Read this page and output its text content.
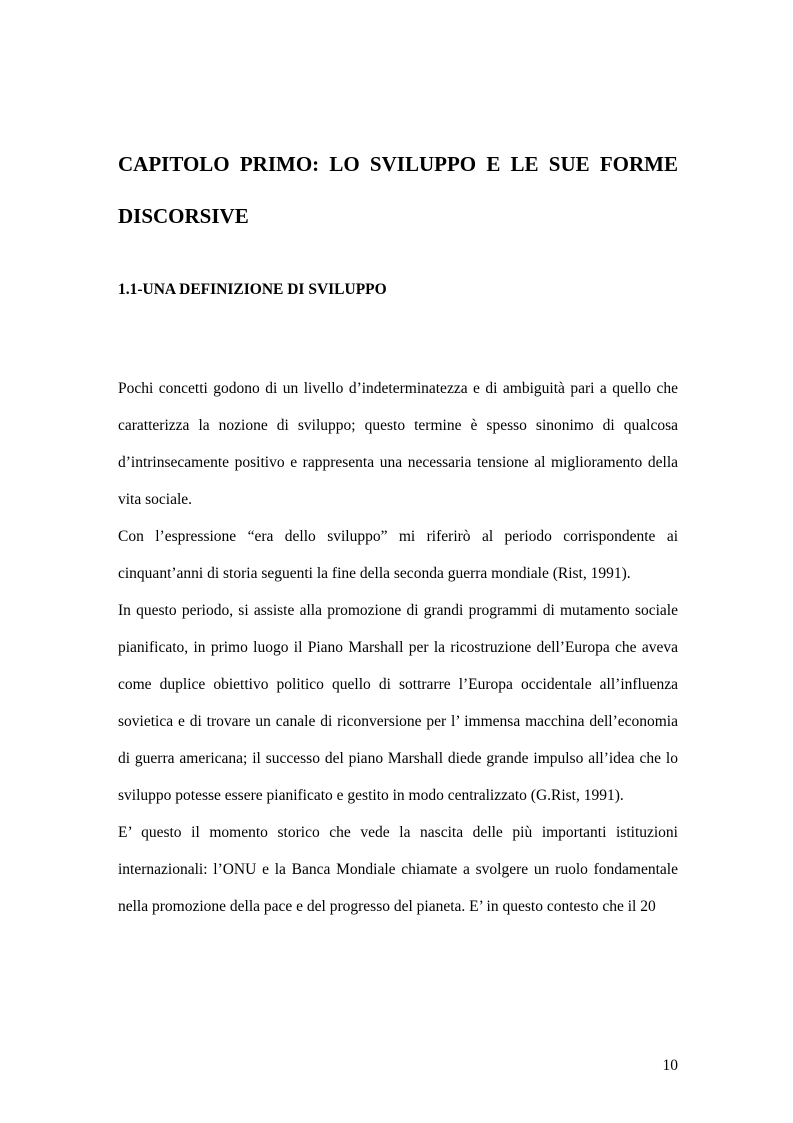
CAPITOLO PRIMO: LO SVILUPPO E LE SUE FORME
DISCORSIVE
1.1-UNA DEFINIZIONE DI SVILUPPO

Pochi concetti godono di un livello d’indeterminatezza e di ambiguità pari a quello che caratterizza la nozione di sviluppo; questo termine è spesso sinonimo di qualcosa d’intrinsecamente positivo e rappresenta una necessaria tensione al miglioramento della vita sociale.

Con l’espressione “era dello sviluppo” mi riferirò al periodo corrispondente ai cinquant’anni di storia seguenti la fine della seconda guerra mondiale (Rist, 1991).

In questo periodo, si assiste alla promozione di grandi programmi di mutamento sociale pianificato, in primo luogo il Piano Marshall per la ricostruzione dell’Europa che aveva come duplice obiettivo politico quello di sottrarre l’Europa occidentale all’influenza sovietica e di trovare un canale di riconversione per l’ immensa macchina dell’economia di guerra americana; il successo del piano Marshall diede grande impulso all’idea che lo sviluppo potesse essere pianificato e gestito in modo centralizzato (G.Rist, 1991).

E’ questo il momento storico che vede la nascita delle più importanti istituzioni internazionali: l’ONU e la Banca Mondiale chiamate a svolgere un ruolo fondamentale nella promozione della pace e del progresso del pianeta. E’ in questo contesto che il 20

10
